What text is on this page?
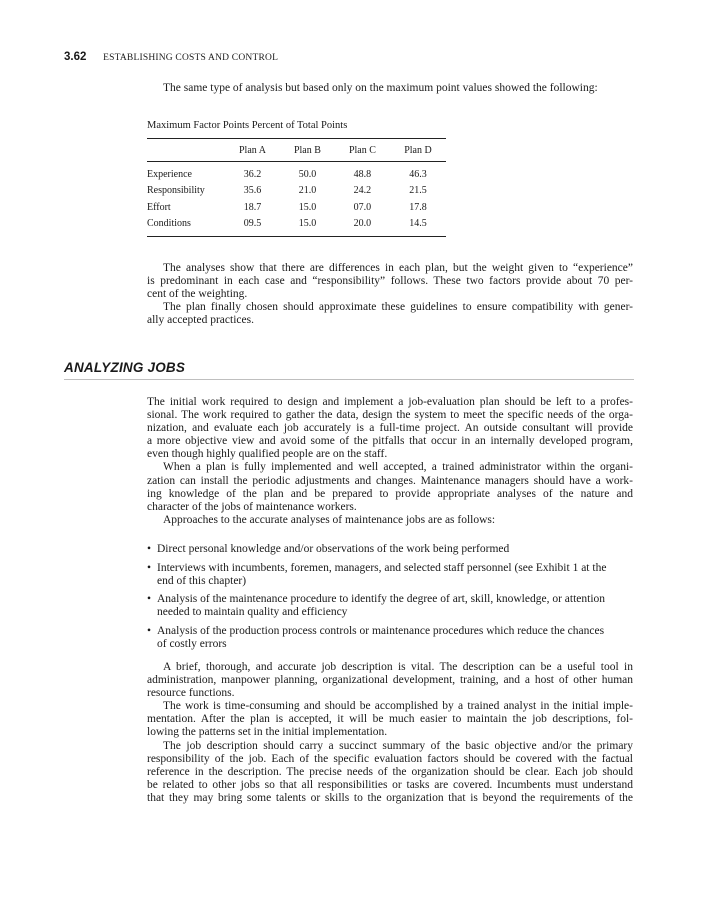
3.62 ESTABLISHING COSTS AND CONTROL
The same type of analysis but based only on the maximum point values showed the following:
Maximum Factor Points Percent of Total Points
	Plan A	Plan B	Plan C	Plan D
Experience	36.2	50.0	48.8	46.3
Responsibility	35.6	21.0	24.2	21.5
Effort	18.7	15.0	07.0	17.8
Conditions	09.5	15.0	20.0	14.5
The analyses show that there are differences in each plan, but the weight given to “experience”
is predominant in each case and “responsibility” follows. These two factors provide about 70 per-
cent of the weighting.
The plan finally chosen should approximate these guidelines to ensure compatibility with gener-
ally accepted practices.
ANALYZING JOBS
The initial work required to design and implement a job-evaluation plan should be left to a profes-
sional. The work required to gather the data, design the system to meet the specific needs of the orga-
nization, and evaluate each job accurately is a full-time project. An outside consultant will provide
a more objective view and avoid some of the pitfalls that occur in an internally developed program,
even though highly qualified people are on the staff.
When a plan is fully implemented and well accepted, a trained administrator within the organi-
zation can install the periodic adjustments and changes. Maintenance managers should have a work-
ing knowledge of the plan and be prepared to provide appropriate analyses of the nature and
character of the jobs of maintenance workers.
Approaches to the accurate analyses of maintenance jobs are as follows:
• Direct personal knowledge and/or observations of the work being performed
• Interviews with incumbents, foremen, managers, and selected staff personnel (see Exhibit 1 at the
end of this chapter)
• Analysis of the maintenance procedure to identify the degree of art, skill, knowledge, or attention
needed to maintain quality and efficiency
• Analysis of the production process controls or maintenance procedures which reduce the chances
of costly errors
A brief, thorough, and accurate job description is vital. The description can be a useful tool in
administration, manpower planning, organizational development, training, and a host of other human
resource functions.
The work is time-consuming and should be accomplished by a trained analyst in the initial imple-
mentation. After the plan is accepted, it will be much easier to maintain the job descriptions, fol-
lowing the patterns set in the initial implementation.
The job description should carry a succinct summary of the basic objective and/or the primary
responsibility of the job. Each of the specific evaluation factors should be covered with the factual
reference in the description. The precise needs of the organization should be clear. Each job should
be related to other jobs so that all responsibilities or tasks are covered. Incumbents must understand
that they may bring some talents or skills to the organization that is beyond the requirements of the
